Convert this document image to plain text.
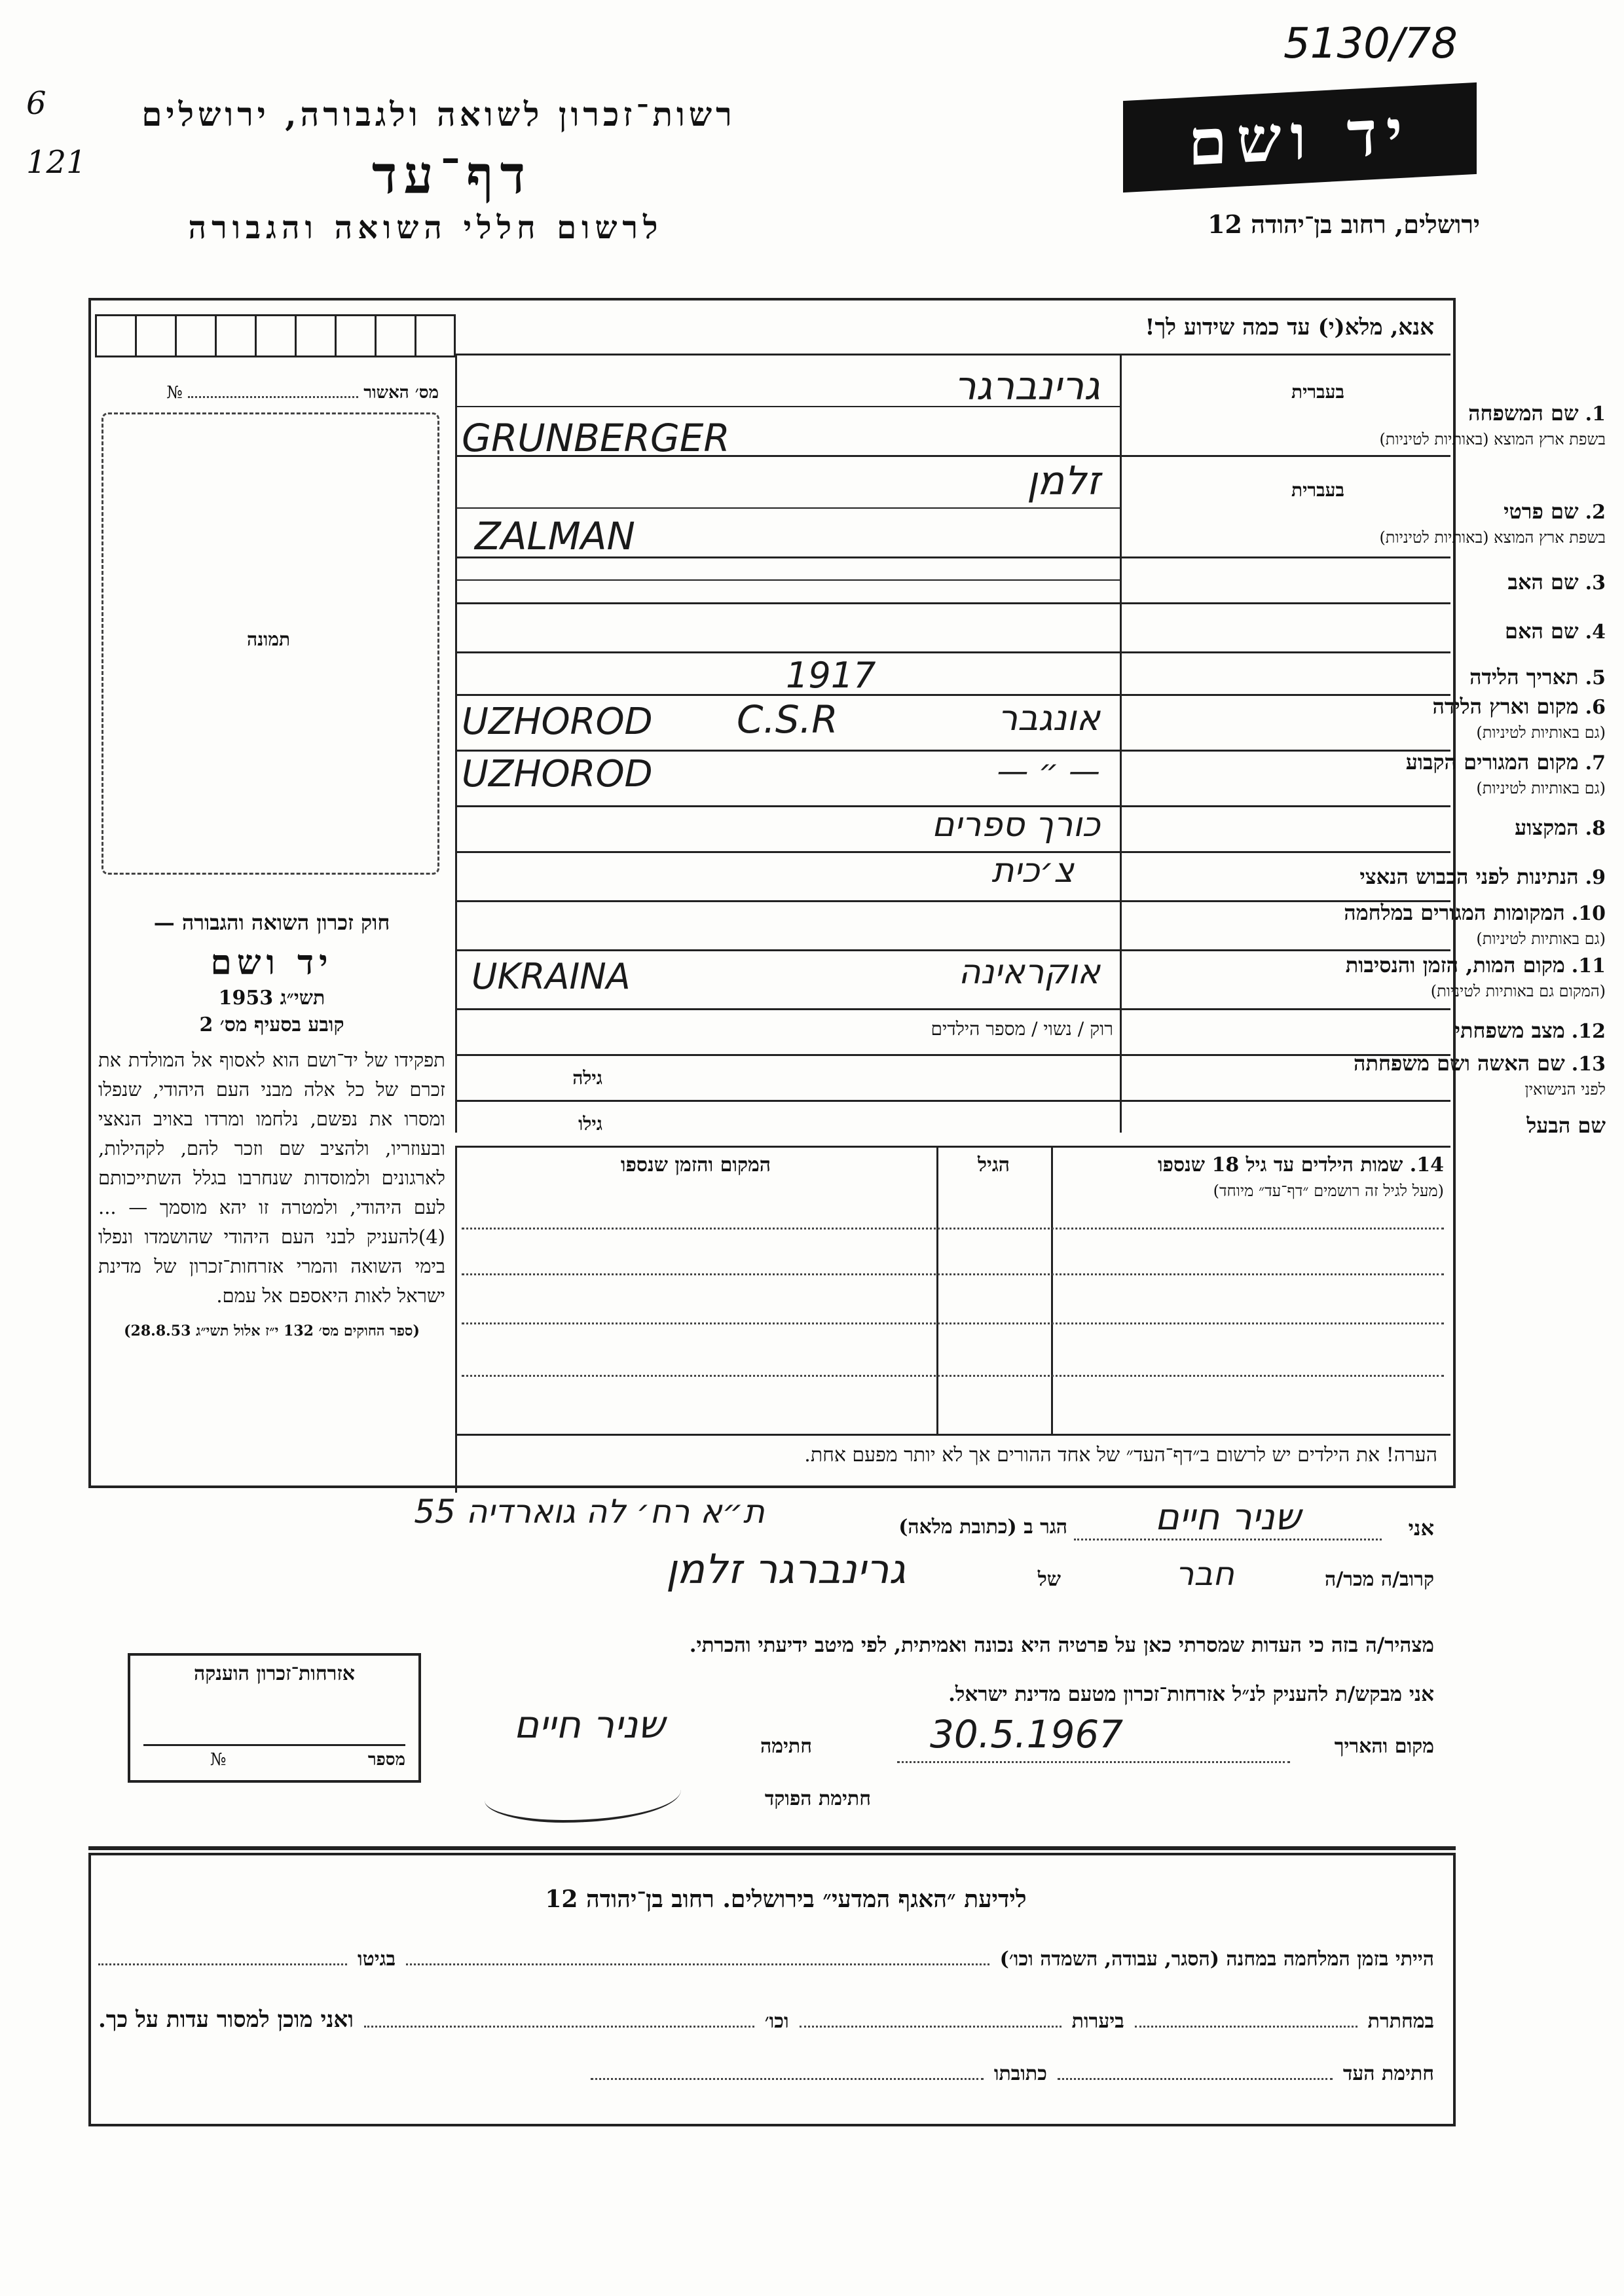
5130/78
6
121
רשות־זכרון לשואה ולגבורה, ירושלים
דף־עד
לרשום חללי השואה והגבורה
יד ושם
ירושלים, רחוב בן־יהודה 12
אנא, מלא(י) עד כמה שידוע לך!
מס׳ האשור  №
תמונה
בעברית
1.שם המשפחה
בשפת ארץ המוצא (באותיות לטיניות)
בעברית
2.שם פרטי
בשפת ארץ המוצא (באותיות לטיניות)
3.שם האב
4.שם האם
5.תאריך הלידה
6.מקום וארץ הלידה
(גם באותיות לטיניות)
7.מקום המגורים הקבוע
(גם באותיות לטיניות)
8.המקצוע
9.הנתינות לפני הכבוש הנאצי
10.המקומות המגורים במלחמה
(גם באותיות לטיניות)
11.מקום המות, הזמן והנסיבות
(המקום גם באותיות לטיניות)
12.מצב משפחתי
13.שם האשה ושם משפחתה
לפני הנישואין
שם הבעל
גרינברגר
GRUNBERGER
זלמן
ZALMAN
1917
אונגבר
C.S.R
UZHOROD
— ״ —
UZHOROD
כורך ספרים
צ׳כית
אוקראינה
UKRAINA
רוק / נשוי / מספר הילדים
גילה
גילו
14. שמות הילדים עד גיל 18 שנספו
(מעל לגיל זה רושמים ״דף־עד״ מיוחד)
הגיל
המקום והזמן שנספו
הערה! את הילדים יש לרשום ב״דף־העד״ של אחד ההורים אך לא יותר מפעם אחת.
חוק זכרון השואה והגבורה —
יד ושם
תשי״ג 1953
קובע בסעיף מס׳ 2
תפקידו של יד־ושם הוא לאסוף אל המולדת את זכרם של כל אלה מבני העם היהודי, שנפלו ומסרו את נפשם, נלחמו ומרדו באויב הנאצי ובעוזריו, ולהציב שם וזכר להם, לקהילות, לארגונים ולמוסדות שנחרבו בגלל השתייכותם לעם היהודי, ולמטרה זו יהא מוסמך — ...(4)להעניק לבני העם היהודי שהושמדו ונפלו בימי השואה והמרי אזרחות־זכרון של מדינת ישראל לאות היאספם אל עמם.
(ספר החוקים מס׳ 132 י״ז אלול תשי״ג 28.8.53)
אני
שניר חיים
הגר ב (כתובת מלאה)
ת״א רח׳ לה גוארדיה 55
קרוב/ה מכר/ה
חבר
של
גרינברגר זלמן
מצהיר/ה בזה כי העדות שמסרתי כאן על פרטיה היא נכונה ואמיתית, לפי מיטב ידיעתי והכרתי.
אני מבקש/ת להעניק לנ״ל אזרחות־זכרון מטעם מדינת ישראל.
מקום והאריך
30.5.1967
חתימה
שניר חיים
חתימת הפוקד
אזרחות־זכרון הוענקה
מספר  №
לידיעת ״האגף המדעי״ בירושלים. רחוב בן־יהודה 12
הייתי בזמן המלחמה במחנה (הסגר, עבודה, השמדה וכו׳)
בגיטו
במחתרת
ביערות
וכו׳
ואני מוכן למסור עדות על כך.
חתימת העד
כתובתו
